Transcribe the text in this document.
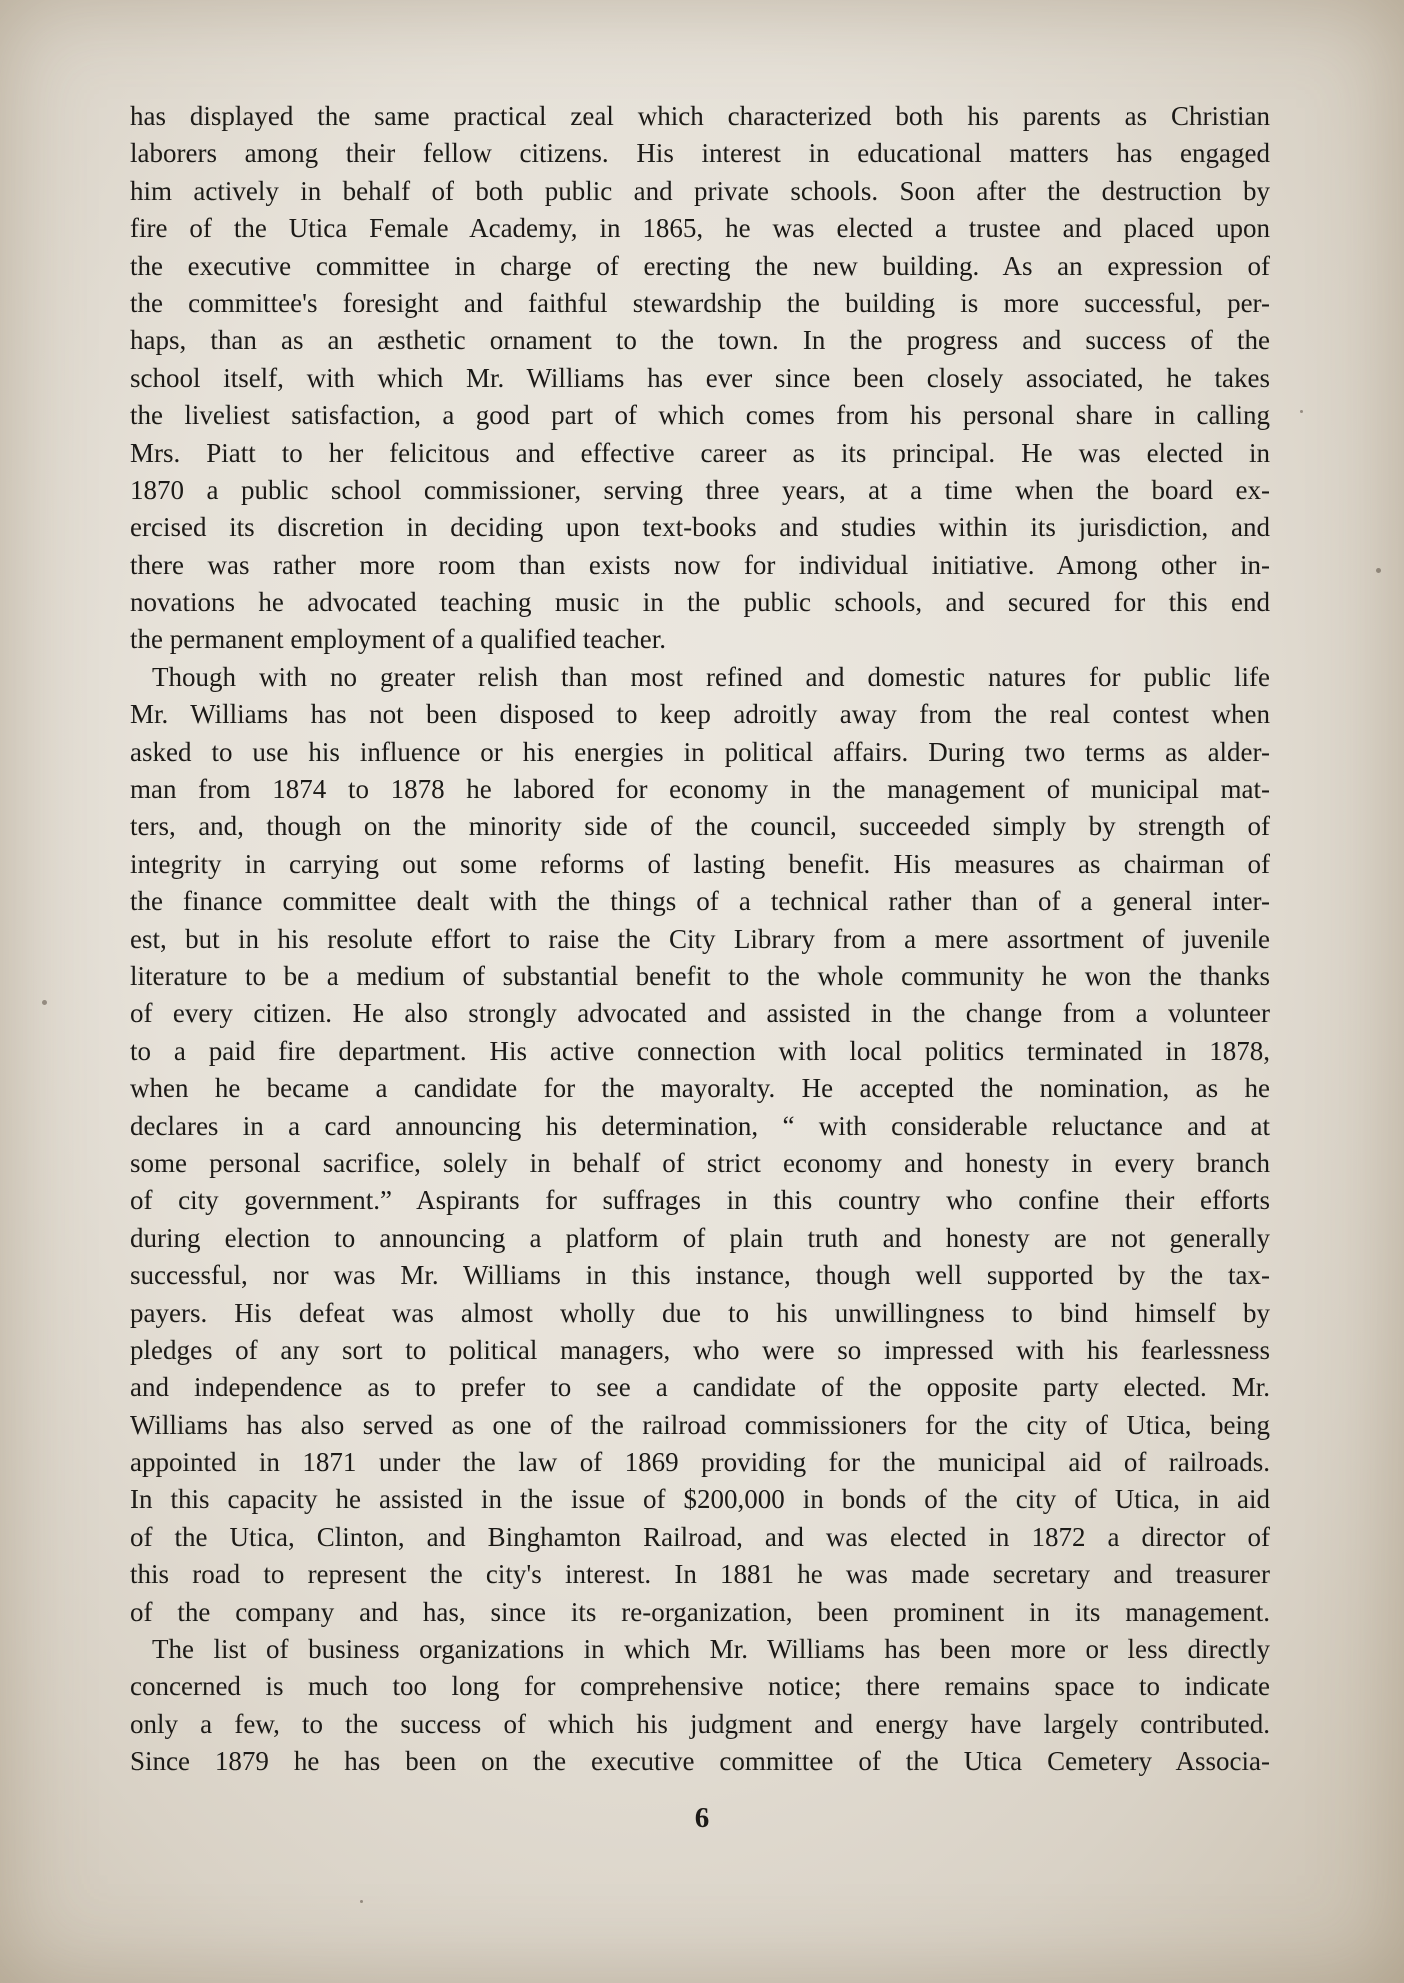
has displayed the same practical zeal which characterized both his parents as Christian
laborers among their fellow citizens. His interest in educational matters has engaged
him actively in behalf of both public and private schools. Soon after the destruction by
fire of the Utica Female Academy, in 1865, he was elected a trustee and placed upon
the executive committee in charge of erecting the new building. As an expression of
the committee's foresight and faithful stewardship the building is more successful, per-
haps, than as an æsthetic ornament to the town. In the progress and success of the
school itself, with which Mr. Williams has ever since been closely associated, he takes
the liveliest satisfaction, a good part of which comes from his personal share in calling
Mrs. Piatt to her felicitous and effective career as its principal. He was elected in
1870 a public school commissioner, serving three years, at a time when the board ex-
ercised its discretion in deciding upon text-books and studies within its jurisdiction, and
there was rather more room than exists now for individual initiative. Among other in-
novations he advocated teaching music in the public schools, and secured for this end
the permanent employment of a qualified teacher.
Though with no greater relish than most refined and domestic natures for public life
Mr. Williams has not been disposed to keep adroitly away from the real contest when
asked to use his influence or his energies in political affairs. During two terms as alder-
man from 1874 to 1878 he labored for economy in the management of municipal mat-
ters, and, though on the minority side of the council, succeeded simply by strength of
integrity in carrying out some reforms of lasting benefit. His measures as chairman of
the finance committee dealt with the things of a technical rather than of a general inter-
est, but in his resolute effort to raise the City Library from a mere assortment of juvenile
literature to be a medium of substantial benefit to the whole community he won the thanks
of every citizen. He also strongly advocated and assisted in the change from a volunteer
to a paid fire department. His active connection with local politics terminated in 1878,
when he became a candidate for the mayoralty. He accepted the nomination, as he
declares in a card announcing his determination, “ with considerable reluctance and at
some personal sacrifice, solely in behalf of strict economy and honesty in every branch
of city government.” Aspirants for suffrages in this country who confine their efforts
during election to announcing a platform of plain truth and honesty are not generally
successful, nor was Mr. Williams in this instance, though well supported by the tax-
payers. His defeat was almost wholly due to his unwillingness to bind himself by
pledges of any sort to political managers, who were so impressed with his fearlessness
and independence as to prefer to see a candidate of the opposite party elected. Mr.
Williams has also served as one of the railroad commissioners for the city of Utica, being
appointed in 1871 under the law of 1869 providing for the municipal aid of railroads.
In this capacity he assisted in the issue of $200,000 in bonds of the city of Utica, in aid
of the Utica, Clinton, and Binghamton Railroad, and was elected in 1872 a director of
this road to represent the city's interest. In 1881 he was made secretary and treasurer
of the company and has, since its re-organization, been prominent in its management.
The list of business organizations in which Mr. Williams has been more or less directly
concerned is much too long for comprehensive notice; there remains space to indicate
only a few, to the success of which his judgment and energy have largely contributed.
Since 1879 he has been on the executive committee of the Utica Cemetery Associa-
6
